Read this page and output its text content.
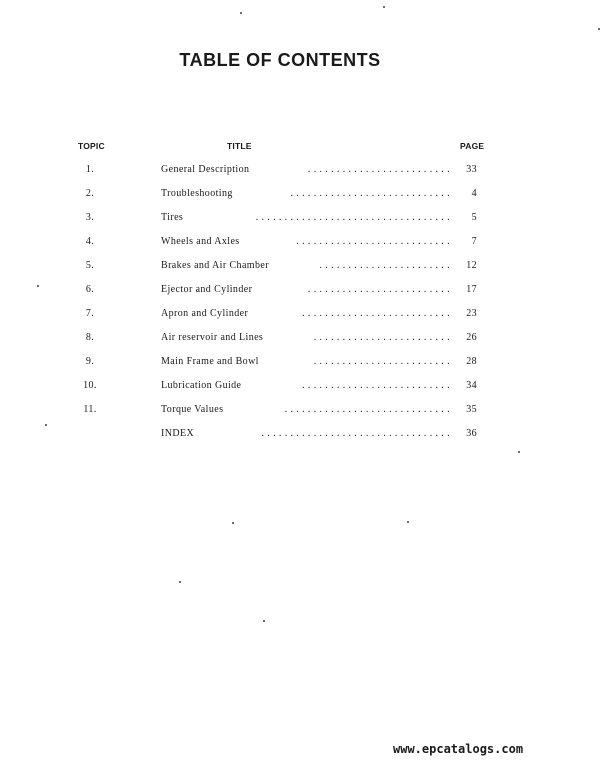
TABLE OF CONTENTS
TOPIC	TITLE	PAGE
1.	General Description	. . . . . . . . . . . . . . . . . . . . . . . . .	33
2.	Troubleshooting	. . . . . . . . . . . . . . . . . . . . . . . . . . . .	4
3.	Tires	. . . . . . . . . . . . . . . . . . . . . . . . . . . . . . . . . .	5
4.	Wheels and Axles	. . . . . . . . . . . . . . . . . . . . . . . . . . .	7
5.	Brakes and Air Chamber	. . . . . . . . . . . . . . . . . . . . . . .	12
6.	Ejector and Cylinder	. . . . . . . . . . . . . . . . . . . . . . . . .	17
7.	Apron and Cylinder	. . . . . . . . . . . . . . . . . . . . . . . . . .	23
8.	Air reservoir and Lines	. . . . . . . . . . . . . . . . . . . . . . . .	26
9.	Main Frame and Bowl	. . . . . . . . . . . . . . . . . . . . . . . .	28
10.	Lubrication Guide	. . . . . . . . . . . . . . . . . . . . . . . . . .	34
11.	Torque Values	. . . . . . . . . . . . . . . . . . . . . . . . . . . . .	35
INDEX	. . . . . . . . . . . . . . . . . . . . . . . . . . . . . . . . .	36
www.epcatalogs.com
